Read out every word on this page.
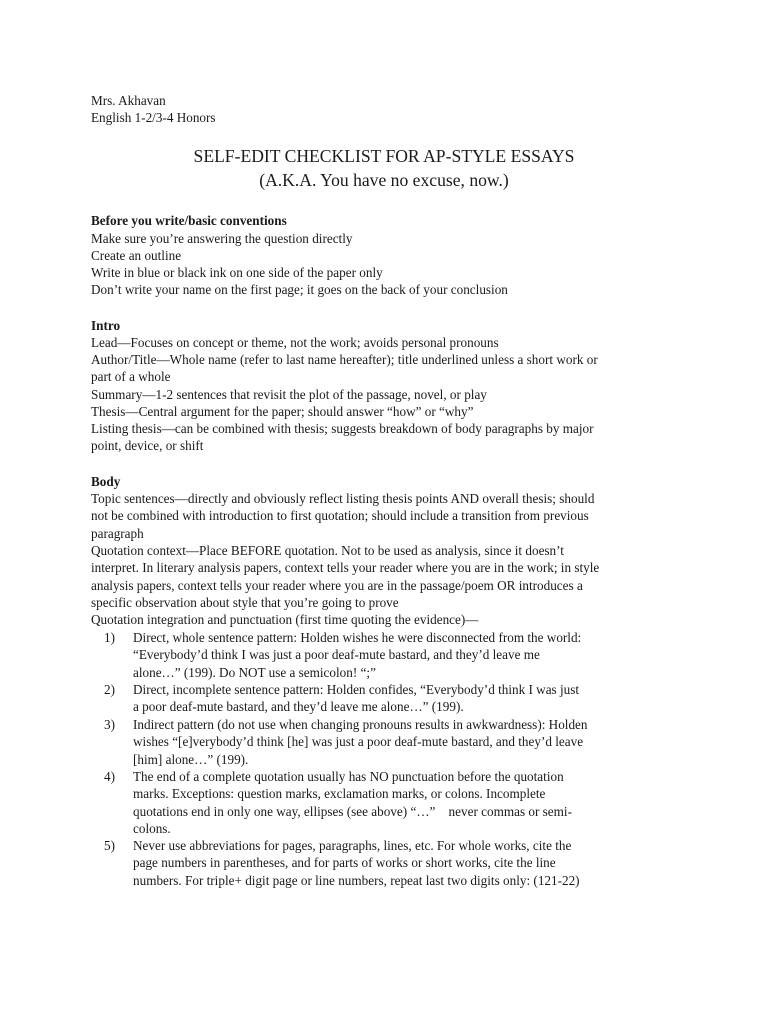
Mrs. Akhavan

English 1-2/3-4 Honors

SELF-EDIT CHECKLIST FOR AP-STYLE ESSAYS

(A.K.A. You have no excuse, now.)

Before you write/basic conventions

Make sure you’re answering the question directly

Create an outline

Write in blue or black ink on one side of the paper only

Don’t write your name on the first page; it goes on the back of your conclusion

Intro

Lead—Focuses on concept or theme, not the work; avoids personal pronouns

Author/Title—Whole name (refer to last name hereafter); title underlined unless a short work or
part of a whole

Summary—1-2 sentences that revisit the plot of the passage, novel, or play

Thesis—Central argument for the paper; should answer “how” or “why”

Listing thesis—can be combined with thesis; suggests breakdown of body paragraphs by major
point, device, or shift

Body

Topic sentences—directly and obviously reflect listing thesis points AND overall thesis; should
not be combined with introduction to first quotation; should include a transition from previous
paragraph
Quotation context—Place BEFORE quotation. Not to be used as analysis, since it doesn’t
interpret. In literary analysis papers, context tells your reader where you are in the work; in style
analysis papers, context tells your reader where you are in the passage/poem OR introduces a
specific observation about style that you’re going to prove

Quotation integration and punctuation (first time quoting the evidence)—

1) Direct, whole sentence pattern: Holden wishes he were disconnected from the world:
“Everybody’d think I was just a poor deaf-mute bastard, and they’d leave me
alone…” (199). Do NOT use a semicolon! “;”
2) Direct, incomplete sentence pattern: Holden confides, “Everybody’d think I was just
a poor deaf-mute bastard, and they’d leave me alone…” (199).
3) Indirect pattern (do not use when changing pronouns results in awkwardness): Holden
wishes “[e]verybody’d think [he] was just a poor deaf-mute bastard, and they’d leave
[him] alone…” (199).
4) The end of a complete quotation usually has NO punctuation before the quotation
marks. Exceptions: question marks, exclamation marks, or colons. Incomplete
quotations end in only one way, ellipses (see above) “…”    never commas or semi-
colons.
5) Never use abbreviations for pages, paragraphs, lines, etc. For whole works, cite the
page numbers in parentheses, and for parts of works or short works, cite the line
numbers. For triple+ digit page or line numbers, repeat last two digits only: (121-22)
